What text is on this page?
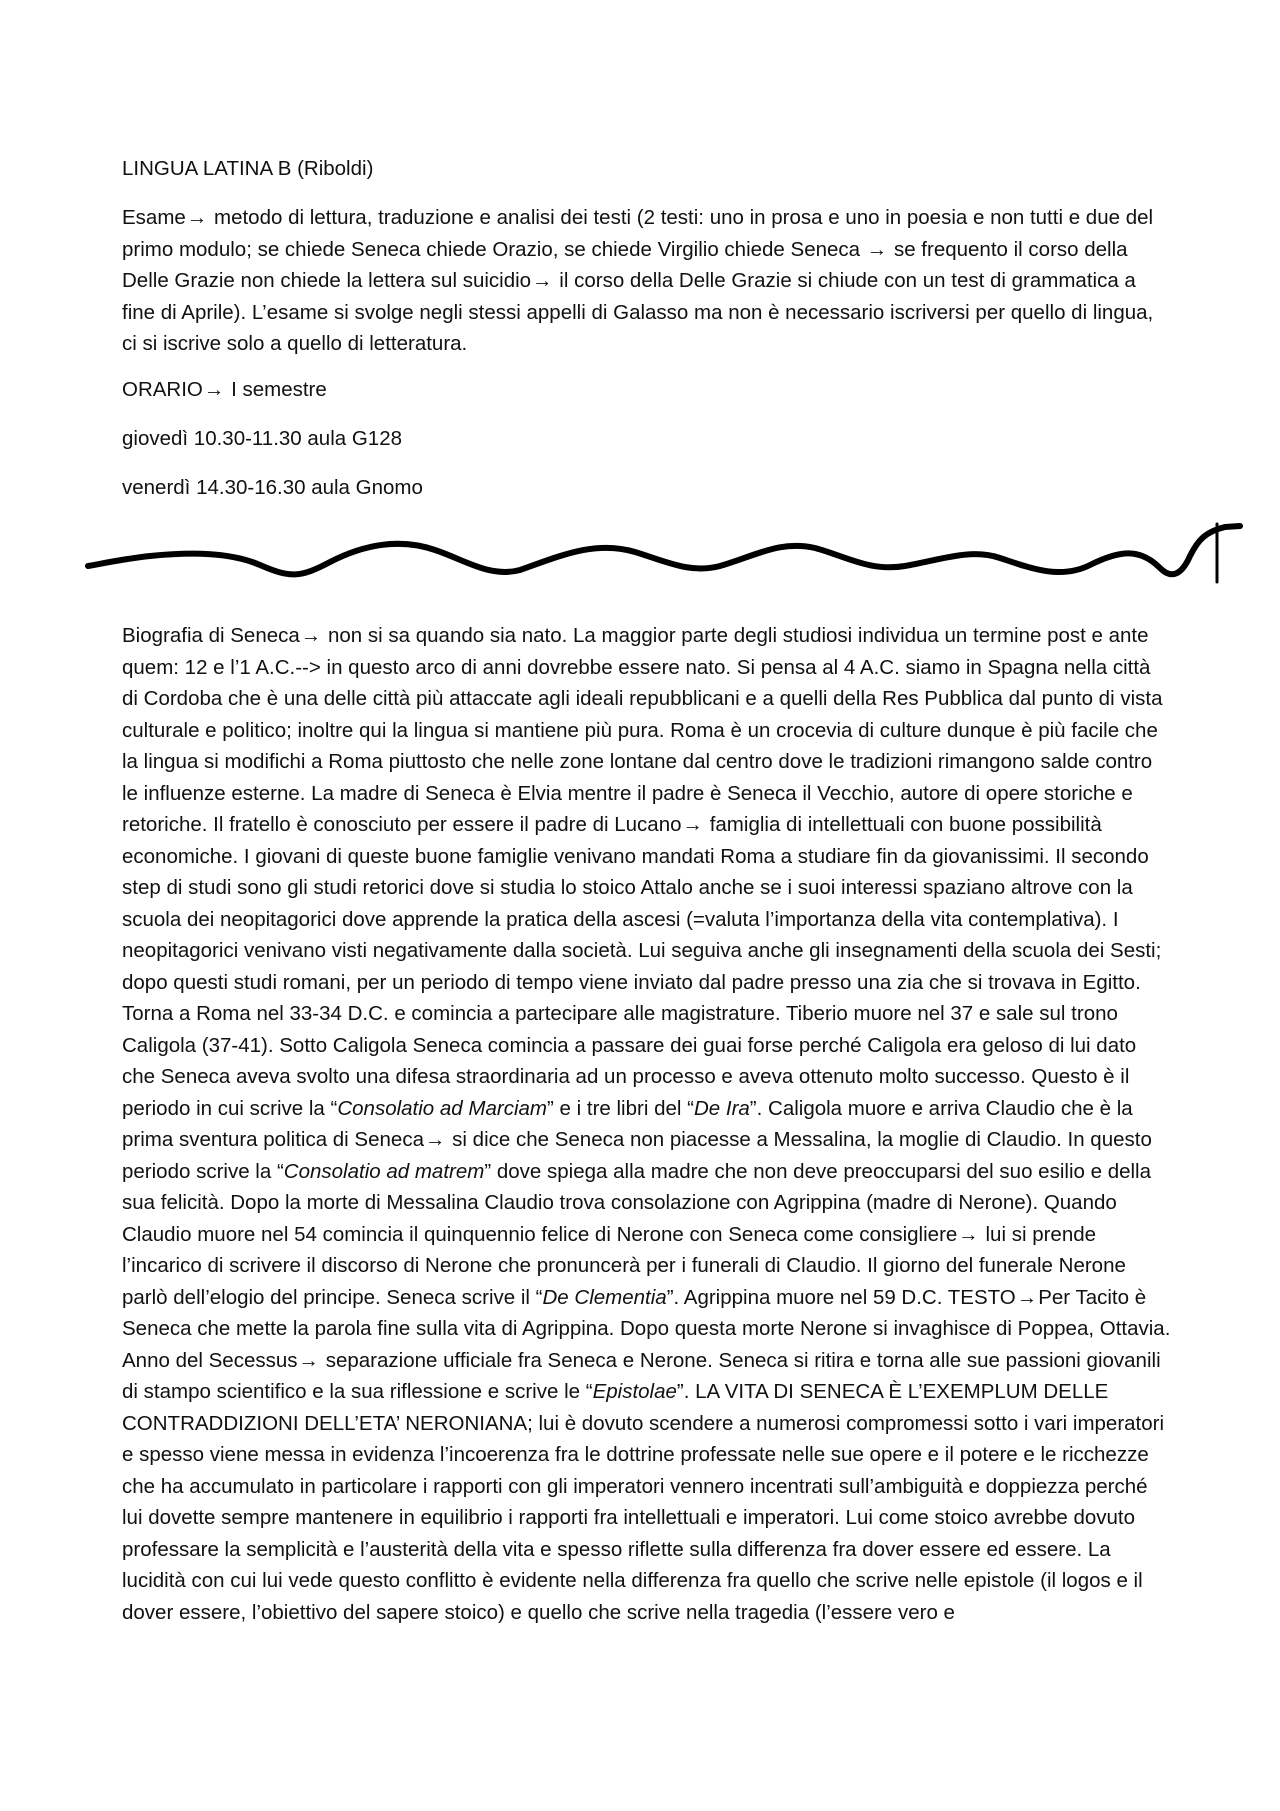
LINGUA LATINA B (Riboldi)

Esame→ metodo di lettura, traduzione e analisi dei testi (2 testi: uno in prosa e uno in poesia e non tutti e due del primo modulo; se chiede Seneca chiede Orazio, se chiede Virgilio chiede Seneca → se frequento il corso della Delle Grazie non chiede la lettera sul suicidio→ il corso della Delle Grazie si chiude con un test di grammatica a fine di Aprile). L’esame si svolge negli stessi appelli di Galasso ma non è necessario iscriversi per quello di lingua, ci si iscrive solo a quello di letteratura.

ORARIO→ I semestre

giovedì 10.30-11.30 aula G128

venerdì 14.30-16.30 aula Gnomo

Biografia di Seneca→ non si sa quando sia nato. La maggior parte degli studiosi individua un termine post e ante quem: 12 e l’1 A.C.--> in questo arco di anni dovrebbe essere nato. Si pensa al 4 A.C. siamo in Spagna nella città di Cordoba che è una delle città più attaccate agli ideali repubblicani e a quelli della Res Pubblica dal punto di vista culturale e politico; inoltre qui la lingua si mantiene più pura. Roma è un crocevia di culture dunque è più facile che la lingua si modifichi a Roma piuttosto che nelle zone lontane dal centro dove le tradizioni rimangono salde contro le influenze esterne. La madre di Seneca è Elvia mentre il padre è Seneca il Vecchio, autore di opere storiche e retoriche. Il fratello è conosciuto per essere il padre di Lucano→ famiglia di intellettuali con buone possibilità economiche. I giovani di queste buone famiglie venivano mandati Roma a studiare fin da giovanissimi. Il secondo step di studi sono gli studi retorici dove si studia lo stoico Attalo anche se i suoi interessi spaziano altrove con la scuola dei neopitagorici dove apprende la pratica della ascesi (=valuta l’importanza della vita contemplativa). I neopitagorici venivano visti negativamente dalla società. Lui seguiva anche gli insegnamenti della scuola dei Sesti; dopo questi studi romani, per un periodo di tempo viene inviato dal padre presso una zia che si trovava in Egitto. Torna a Roma nel 33-34 D.C. e comincia a partecipare alle magistrature. Tiberio muore nel 37 e sale sul trono Caligola (37-41). Sotto Caligola Seneca comincia a passare dei guai forse perché Caligola era geloso di lui dato che Seneca aveva svolto una difesa straordinaria ad un processo e aveva ottenuto molto successo. Questo è il periodo in cui scrive la “Consolatio ad Marciam” e i tre libri del “De Ira”. Caligola muore e arriva Claudio che è la prima sventura politica di Seneca→ si dice che Seneca non piacesse a Messalina, la moglie di Claudio. In questo periodo scrive la “Consolatio ad matrem” dove spiega alla madre che non deve preoccuparsi del suo esilio e della sua felicità. Dopo la morte di Messalina Claudio trova consolazione con Agrippina (madre di Nerone). Quando Claudio muore nel 54 comincia il quinquennio felice di Nerone con Seneca come consigliere→ lui si prende l’incarico di scrivere il discorso di Nerone che pronuncerà per i funerali di Claudio. Il giorno del funerale Nerone parlò dell’elogio del principe. Seneca scrive il “De Clementia”. Agrippina muore nel 59 D.C. TESTO→Per Tacito è Seneca che mette la parola fine sulla vita di Agrippina. Dopo questa morte Nerone si invaghisce di Poppea, Ottavia. Anno del Secessus→ separazione ufficiale fra Seneca e Nerone. Seneca si ritira e torna alle sue passioni giovanili di stampo scientifico e la sua riflessione e scrive le “Epistolae”. LA VITA DI SENECA È L’EXEMPLUM DELLE CONTRADDIZIONI DELL’ETA’ NERONIANA; lui è dovuto scendere a numerosi compromessi sotto i vari imperatori e spesso viene messa in evidenza l’incoerenza fra le dottrine professate nelle sue opere e il potere e le ricchezze che ha accumulato in particolare i rapporti con gli imperatori vennero incentrati sull’ambiguità e doppiezza perché lui dovette sempre mantenere in equilibrio i rapporti fra intellettuali e imperatori. Lui come stoico avrebbe dovuto professare la semplicità e l’austerità della vita e spesso riflette sulla differenza fra dover essere ed essere. La lucidità con cui lui vede questo conflitto è evidente nella differenza fra quello che scrive nelle epistole (il logos e il dover essere, l’obiettivo del sapere stoico) e quello che scrive nella tragedia (l’essere vero e
